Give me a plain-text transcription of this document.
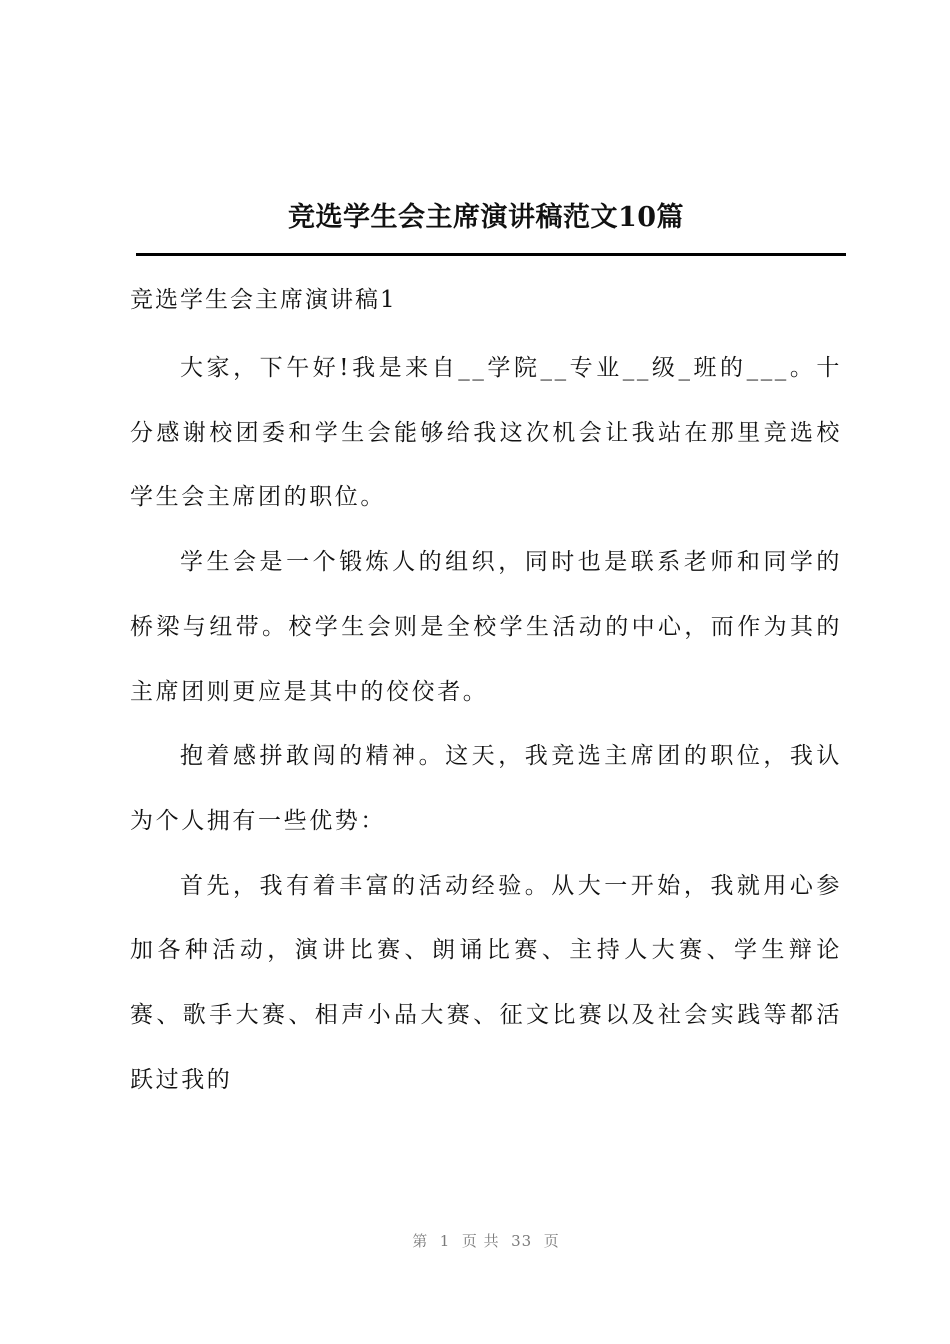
竞选学生会主席演讲稿范文10篇
竞选学生会主席演讲稿1

大家，下午好!我是来自__学院__专业__级_班的___。十分感谢校团委和学生会能够给我这次机会让我站在那里竞选校学生会主席团的职位。

学生会是一个锻炼人的组织，同时也是联系老师和同学的桥梁与纽带。校学生会则是全校学生活动的中心，而作为其的主席团则更应是其中的佼佼者。

抱着感拼敢闯的精神。这天，我竞选主席团的职位，我认为个人拥有一些优势：

首先，我有着丰富的活动经验。从大一开始，我就用心参加各种活动，演讲比赛、朗诵比赛、主持人大赛、学生辩论赛、歌手大赛、相声小品大赛、征文比赛以及社会实践等都活跃过我的

第  1  页 共  33  页
